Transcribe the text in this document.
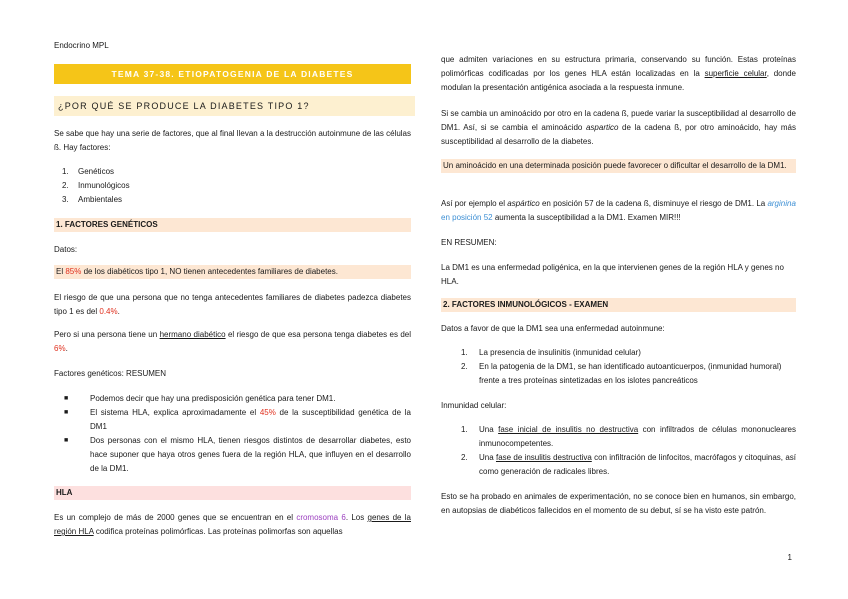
Endocrino MPL
TEMA 37-38. ETIOPATOGENIA DE LA DIABETES
¿POR QUÉ SE PRODUCE LA DIABETES TIPO 1?
Se sabe que hay una serie de factores, que al final llevan a la destrucción autoinmune de las células ß. Hay factores:
1. Genéticos
2. Inmunológicos
3. Ambientales
1. FACTORES GENÉTICOS
Datos:
El 85% de los diabéticos tipo 1, NO tienen antecedentes familiares de diabetes.
El riesgo de que una persona que no tenga antecedentes familiares de diabetes padezca diabetes tipo 1 es del 0.4%.
Pero si una persona tiene un hermano diabético el riesgo de que esa persona tenga diabetes es del 6%.
Factores genéticos: RESUMEN
■	Podemos decir que hay una predisposición genética para tener DM1.
■	El sistema HLA, explica aproximadamente el 45% de la susceptibilidad genética de la DM1
■	Dos personas con el mismo HLA, tienen riesgos distintos de desarrollar diabetes, esto hace suponer que haya otros genes fuera de la región HLA, que influyen en el desarrollo de la DM1.
HLA
Es un complejo de más de 2000 genes que se encuentran en el cromosoma 6. Los genes de la región HLA codifica proteínas polimórficas. Las proteínas polimorfas son aquellas
que admiten variaciones en su estructura primaria, conservando su función. Estas proteínas polimórficas codificadas por los genes HLA están localizadas en la superficie celular, donde modulan la presentación antigénica asociada a la respuesta inmune.
Si se cambia un aminoácido por otro en la cadena ß, puede variar la susceptibilidad al desarrollo de DM1. Así, si se cambia el aminoácido aspartico de la cadena ß, por otro aminoácido, hay más susceptibilidad al desarrollo de la diabetes.
Un aminoácido en una determinada posición puede favorecer o dificultar el desarrollo de la DM1.
Así por ejemplo el aspártico en posición 57 de la cadena ß, disminuye el riesgo de DM1. La arginina en posición 52 aumenta la susceptibilidad a la DM1. Examen MIR!!!
EN RESUMEN:
La DM1 es una enfermedad poligénica, en la que intervienen genes de la región HLA y genes no HLA.
2. FACTORES INMUNOLÓGICOS - EXAMEN
Datos a favor de que la DM1 sea una enfermedad autoinmune:
1. La presencia de insulinitis (inmunidad celular)
2. En la patogenia de la DM1, se han identificado autoanticuerpos, (inmunidad humoral) frente a tres proteínas sintetizadas en los islotes pancreáticos
Inmunidad celular:
1. Una fase inicial de insulitis no destructiva con infiltrados de células mononucleares inmunocompetentes.
2. Una fase de insulitis destructiva con infiltración de linfocitos, macrófagos y citoquinas, así como generación de radicales libres.
Esto se ha probado en animales de experimentación, no se conoce bien en humanos, sin embargo, en autopsias de diabéticos fallecidos en el momento de su debut, sí se ha visto este patrón.
1
